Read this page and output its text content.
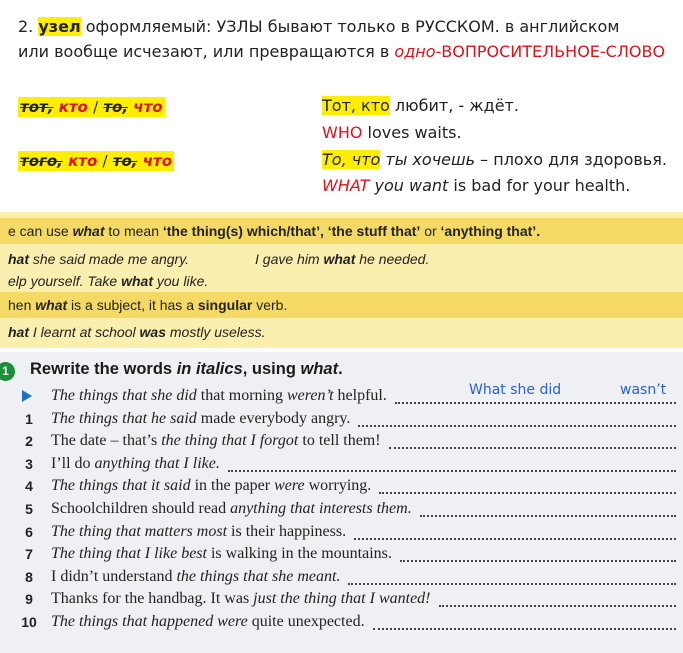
2. узел оформляемый: УЗЛЫ бывают только в РУССКОМ. в английском
или вообще исчезают, или превращаются в одно-ВОПРОСИТЕЛЬНОЕ-СЛОВО
тот, кто / то, что	Тот, кто любит, - ждёт.
WHO loves waits.
того, кто / то, что	То, что ты хочешь – плохо для здоровья.
WHAT you want is bad for your health.
e can use what to mean ‘the thing(s) which/that’, ‘the stuff that’ or ‘anything that’.
hat she said made me angry.	I gave him what he needed.
elp yourself. Take what you like.
hen what is a subject, it has a singular verb.
hat I learnt at school was mostly useless.
1	Rewrite the words in italics, using what.
The things that she did that morning weren’t helpful.	What she did	wasn’t
1	The things that he said made everybody angry.
2	The date – that’s the thing that I forgot to tell them!
3	I’ll do anything that I like.
4	The things that it said in the paper were worrying.
5	Schoolchildren should read anything that interests them.
6	The thing that matters most is their happiness.
7	The thing that I like best is walking in the mountains.
8	I didn’t understand the things that she meant.
9	Thanks for the handbag. It was just the thing that I wanted!
10 The things that happened were quite unexpected.
